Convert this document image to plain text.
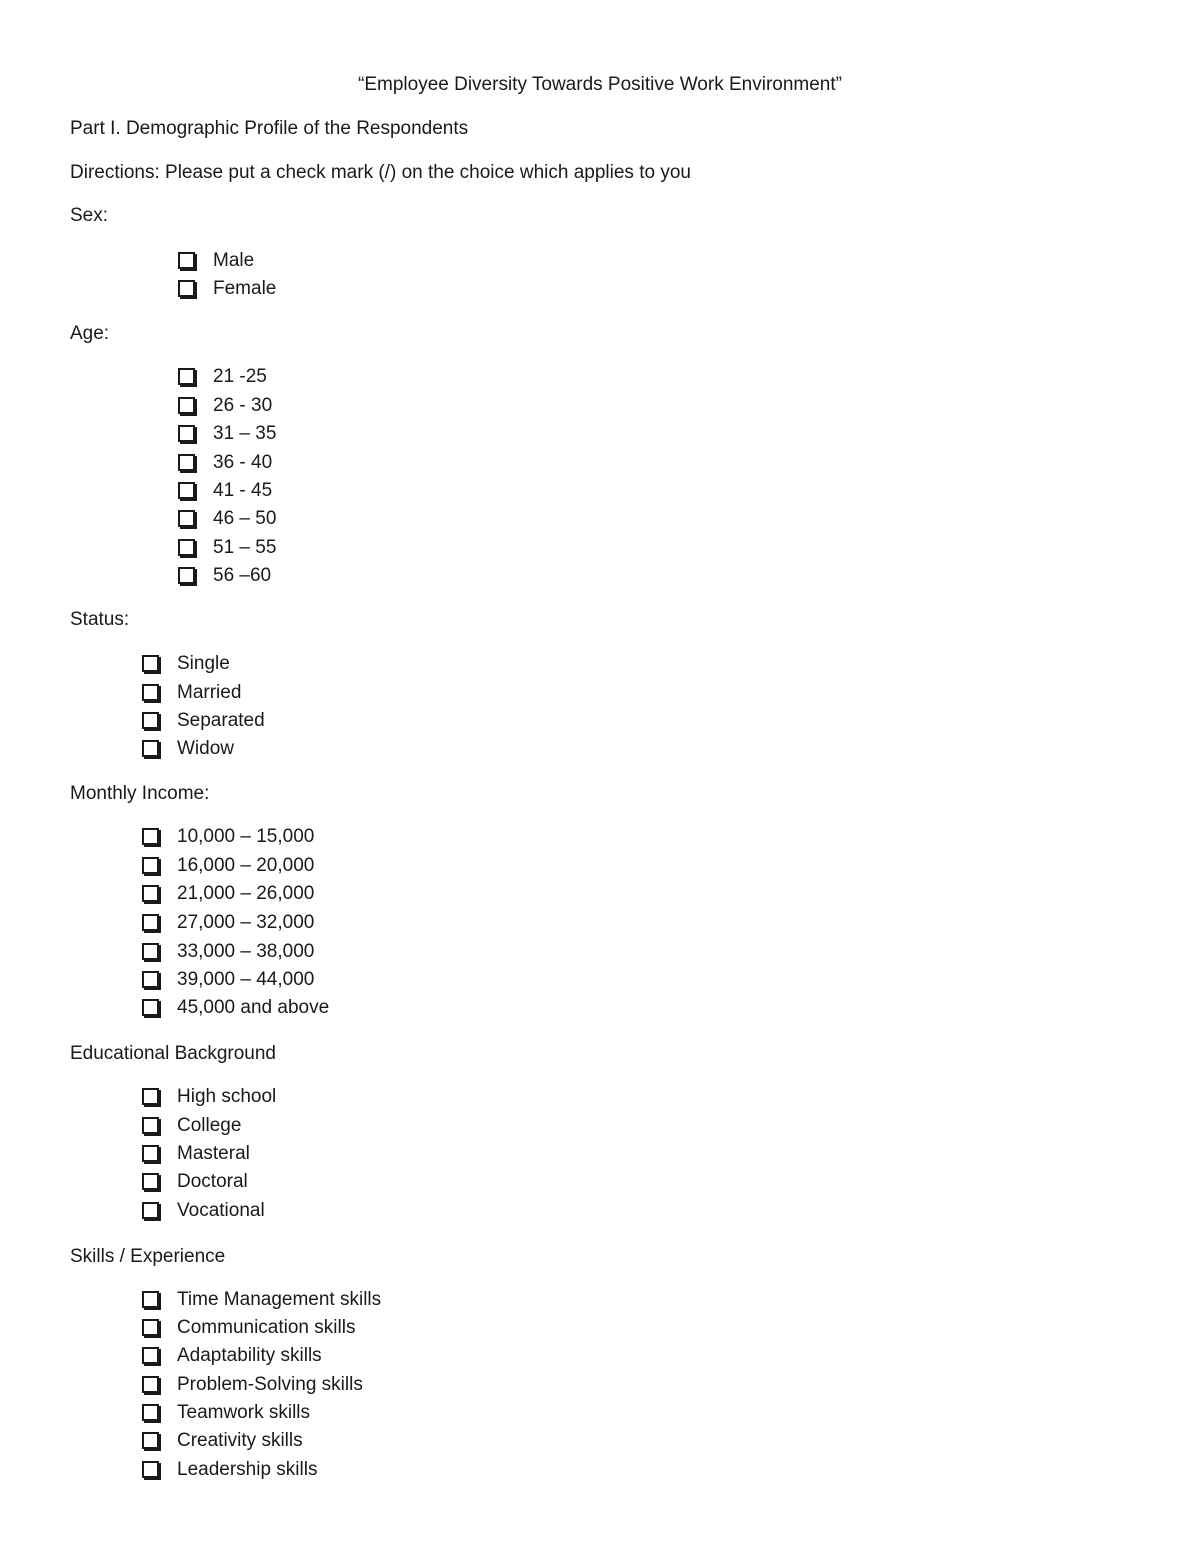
“Employee Diversity Towards Positive Work Environment”
Part I. Demographic Profile of the Respondents
Directions: Please put a check mark (/) on the choice which applies to you
Sex:
Male
Female
Age:
21 -25
26 - 30
31 – 35
36 - 40
41 - 45
46 – 50
51 – 55
56 –60
Status:
Single
Married
Separated
Widow
Monthly Income:
10,000 – 15,000
16,000 – 20,000
21,000 – 26,000
27,000 – 32,000
33,000 – 38,000
39,000 – 44,000
45,000 and above
Educational Background
High school
College
Masteral
Doctoral
Vocational
Skills / Experience
Time Management skills
Communication skills
Adaptability skills
Problem-Solving skills
Teamwork skills
Creativity skills
Leadership skills
